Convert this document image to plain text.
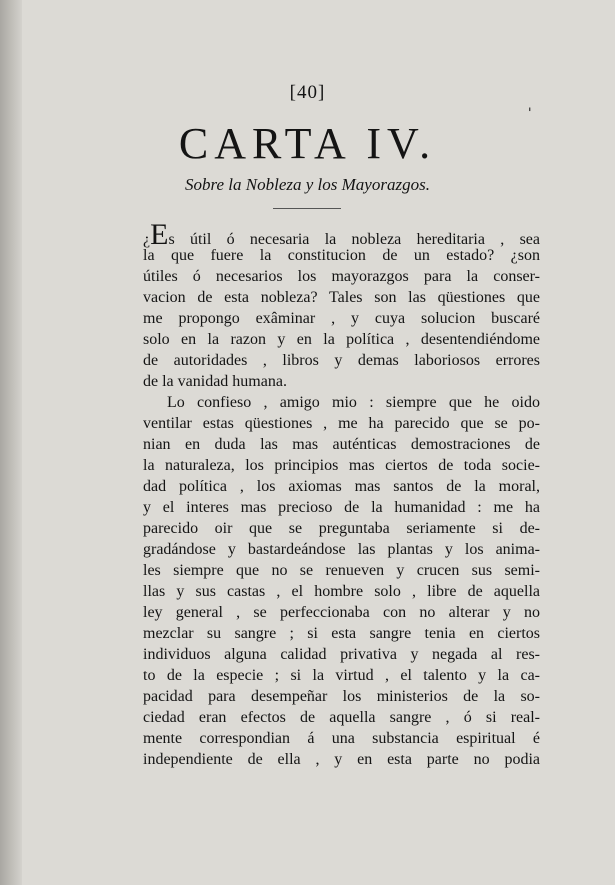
[40]
'
CARTA IV.
Sobre la Nobleza y los Mayorazgos.
¿Es útil ó necesaria la nobleza hereditaria , sea
la que fuere la constitucion de un estado? ¿son
útiles ó necesarios los mayorazgos para la conser-
vacion de esta nobleza? Tales son las qüestiones que
me propongo exâminar , y cuya solucion buscaré
solo en la razon y en la política , desentendiéndome
de autoridades , libros y demas laboriosos errores
de la vanidad humana.
Lo confieso , amigo mio : siempre que he oido
ventilar estas qüestiones , me ha parecido que se po-
nian en duda las mas auténticas demostraciones de
la naturaleza, los principios mas ciertos de toda socie-
dad política , los axiomas mas santos de la moral,
y el interes mas precioso de la humanidad : me ha
parecido oir que se preguntaba seriamente si de-
gradándose y bastardeándose las plantas y los anima-
les siempre que no se renueven y crucen sus semi-
llas y sus castas , el hombre solo , libre de aquella
ley general , se perfeccionaba con no alterar y no
mezclar su sangre ; si esta sangre tenia en ciertos
individuos alguna calidad privativa y negada al res-
to de la especie ; si la virtud , el talento y la ca-
pacidad para desempeñar los ministerios de la so-
ciedad eran efectos de aquella sangre , ó si real-
mente correspondian á una substancia espiritual é
independiente de ella , y en esta parte no podia
